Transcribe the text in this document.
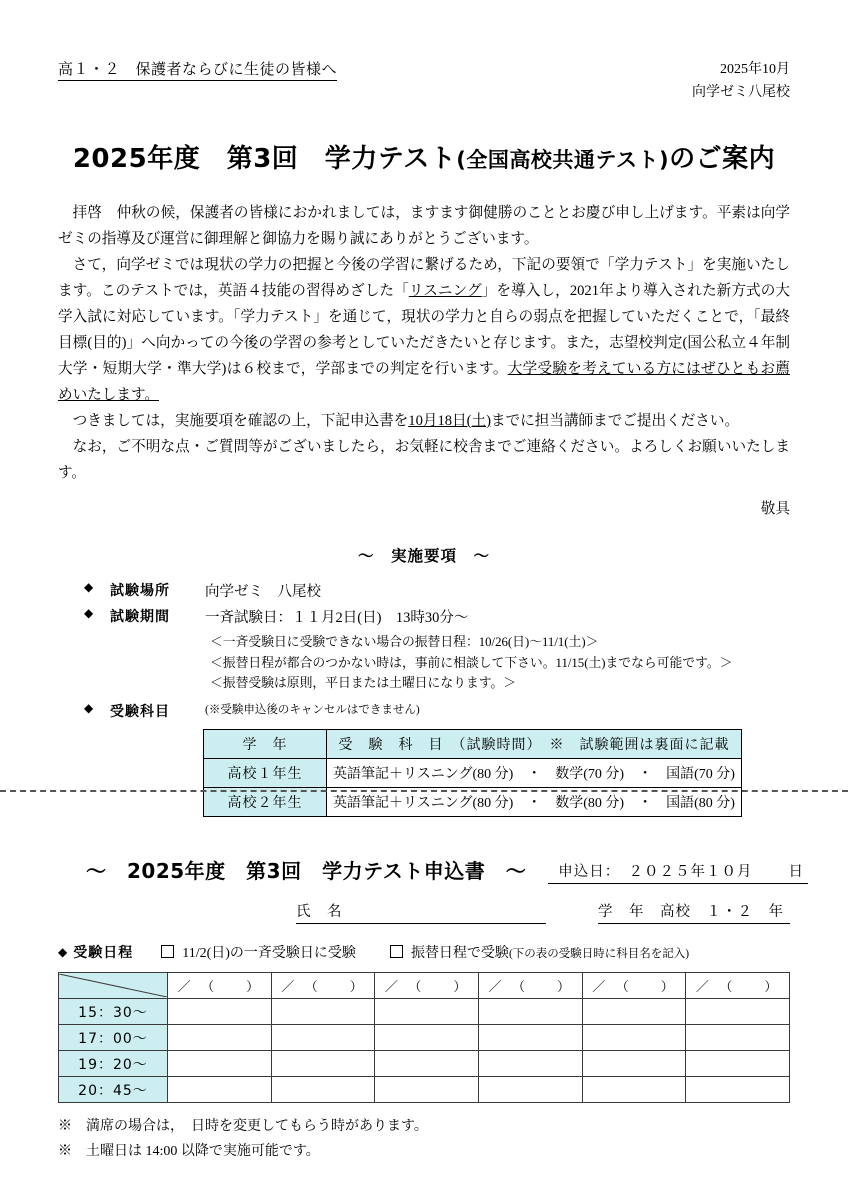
高１・２　保護者ならびに生徒の皆様へ	2025年10月
向学ゼミ八尾校
2025年度　第3回　学力テスト(全国高校共通テスト)のご案内

拝啓　仲秋の候，保護者の皆様におかれましては，ますます御健勝のこととお慶び申し上げます。平素は向学ゼミの指導及び運営に御理解と御協力を賜り誠にありがとうございます。

さて，向学ゼミでは現状の学力の把握と今後の学習に繋げるため，下記の要領で「学力テスト」を実施いたします。このテストでは，英語４技能の習得めざした「リスニング」を導入し，2021年より導入された新方式の大学入試に対応しています。「学力テスト」を通じて，現状の学力と自らの弱点を把握していただくことで，「最終目標(目的)」へ向かっての今後の学習の参考としていただきたいと存じます。また，志望校判定(国公私立４年制大学・短期大学・準大学)は６校まで，学部までの判定を行います。大学受験を考えている方にはぜひともお薦めいたします。

つきましては，実施要項を確認の上，下記申込書を10月18日(土)までに担当講師までご提出ください。

なお，ご不明な点・ご質問等がございましたら，お気軽に校舎までご連絡ください。よろしくお願いいたします。

敬具
～　実施要項　～
◆	試験場所	向学ゼミ　八尾校
◆	試験期間	一斉試験日：１１月2日(日)　13時30分～
＜一斉受験日に受験できない場合の振替日程：10/26(日)～11/1(土)＞
＜振替日程が都合のつかない時は，事前に相談して下さい。11/15(土)までなら可能です。＞
＜振替受験は原則，平日または土曜日になります。＞
◆	受験科目	(※受験申込後のキャンセルはできません)
学　年	受　験　科　目　（試験時間）　※　試験範囲は裏面に記載
高校１年生	英語筆記＋リスニング(80 分)　・　数学(70 分)　・　国語(70 分)
高校２年生	英語筆記＋リスニング(80 分)　・　数学(80 分)　・　国語(80 分)
～　2025年度　第3回　学力テスト申込書　～	申込日：　２０２５年１０月 日
氏　名	学　年　高校　１・２　年
◆ 受験日程	11/2(日)の一斉受験日に受験	振替日程で受験(下の表の受験日時に科目名を記入)
	／　（　　）	／　（　　）	／　（　　）	／　（　　）	／　（　　）	／　（　　）
15：30～						
17：00～						
19：20～						
20：45～						
※　満席の場合は，　日時を変更してもらう時があります。
※　土曜日は 14:00 以降で実施可能です。
